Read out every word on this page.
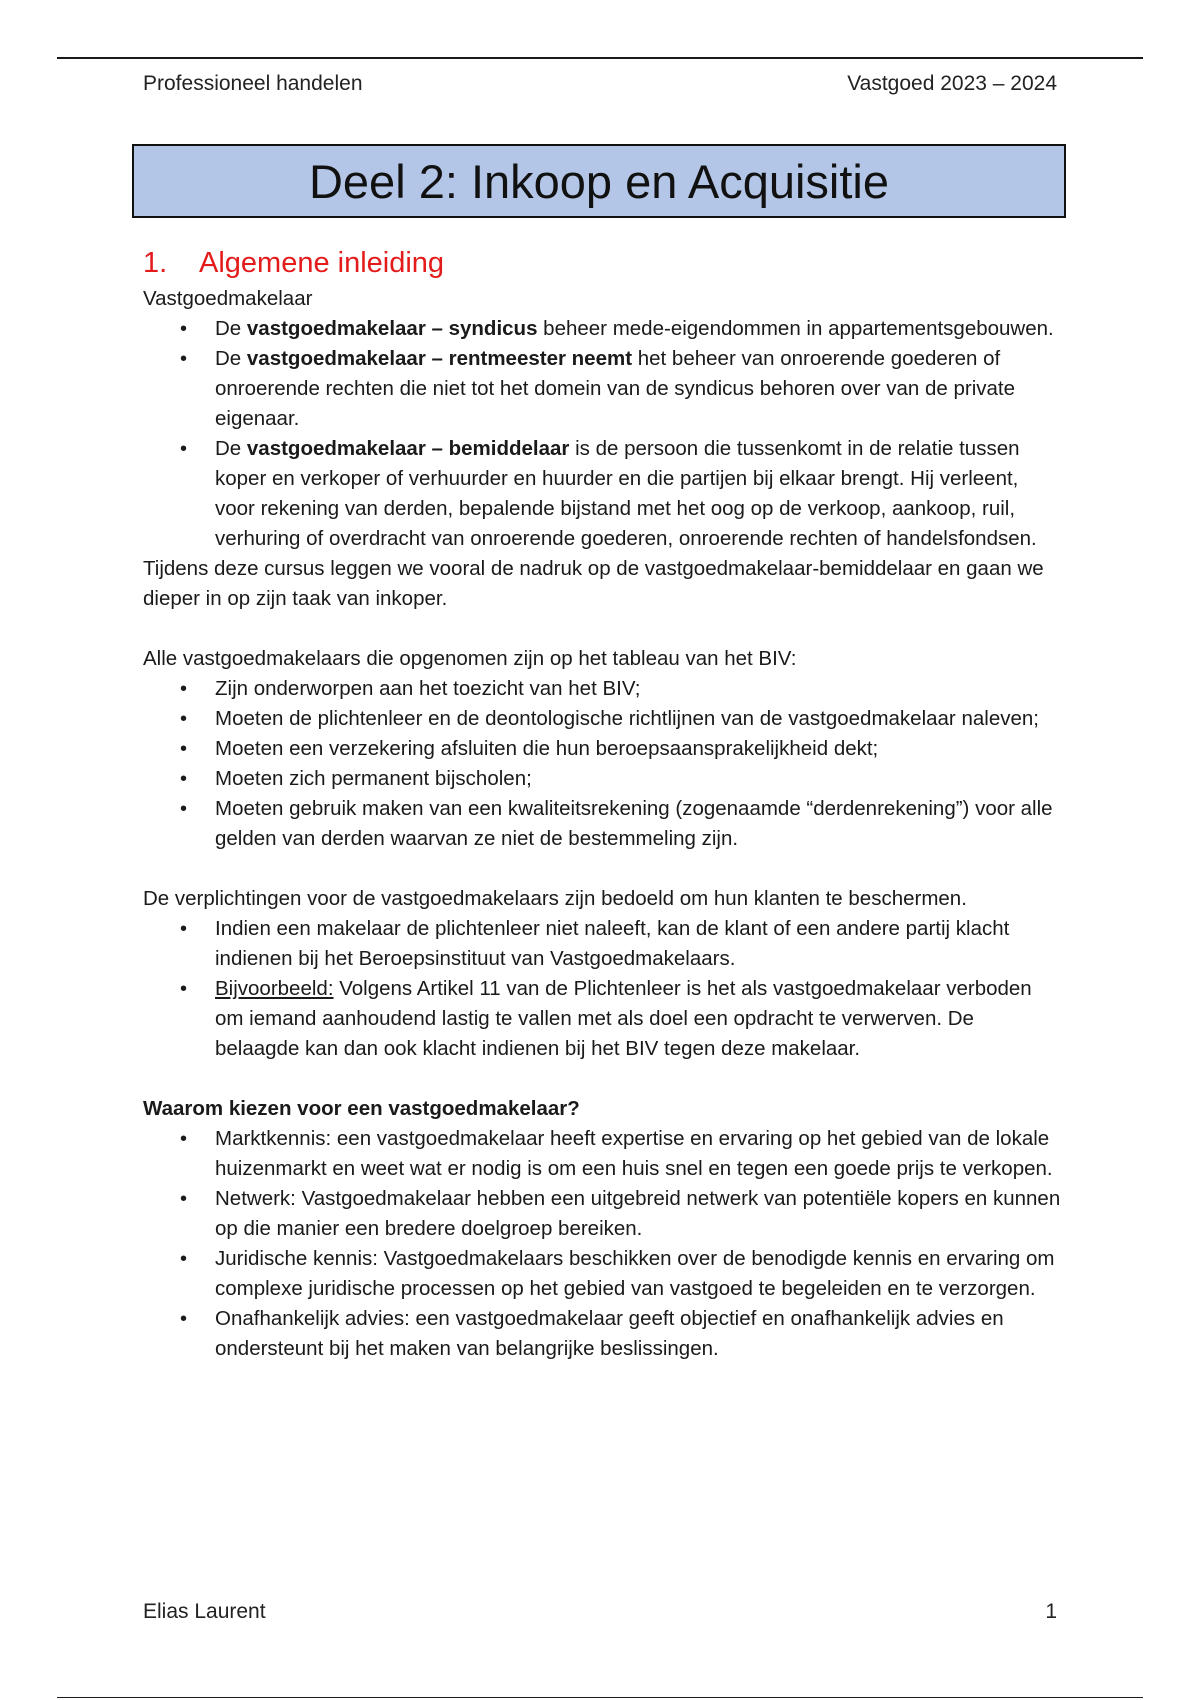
Professioneel handelen	Vastgoed 2023 – 2024
Deel 2: Inkoop en Acquisitie
1.	Algemene inleiding

Vastgoedmakelaar

• De vastgoedmakelaar – syndicus beheer mede-eigendommen in appartementsgebouwen.
• De vastgoedmakelaar – rentmeester neemt het beheer van onroerende goederen of onroerende rechten die niet tot het domein van de syndicus behoren over van de private eigenaar.
• De vastgoedmakelaar – bemiddelaar is de persoon die tussenkomt in de relatie tussen koper en verkoper of verhuurder en huurder en die partijen bij elkaar brengt. Hij verleent, voor rekening van derden, bepalende bijstand met het oog op de verkoop, aankoop, ruil, verhuring of overdracht van onroerende goederen, onroerende rechten of handelsfondsen.

Tijdens deze cursus leggen we vooral de nadruk op de vastgoedmakelaar-bemiddelaar en gaan we dieper in op zijn taak van inkoper.

Alle vastgoedmakelaars die opgenomen zijn op het tableau van het BIV:

• Zijn onderworpen aan het toezicht van het BIV;
• Moeten de plichtenleer en de deontologische richtlijnen van de vastgoedmakelaar naleven;
• Moeten een verzekering afsluiten die hun beroepsaansprakelijkheid dekt;
• Moeten zich permanent bijscholen;
• Moeten gebruik maken van een kwaliteitsrekening (zogenaamde “derdenrekening”) voor alle gelden van derden waarvan ze niet de bestemmeling zijn.

De verplichtingen voor de vastgoedmakelaars zijn bedoeld om hun klanten te beschermen.

• Indien een makelaar de plichtenleer niet naleeft, kan de klant of een andere partij klacht indienen bij het Beroepsinstituut van Vastgoedmakelaars.
• Bijvoorbeeld: Volgens Artikel 11 van de Plichtenleer is het als vastgoedmakelaar verboden om iemand aanhoudend lastig te vallen met als doel een opdracht te verwerven. De belaagde kan dan ook klacht indienen bij het BIV tegen deze makelaar.

Waarom kiezen voor een vastgoedmakelaar?

• Marktkennis: een vastgoedmakelaar heeft expertise en ervaring op het gebied van de lokale huizenmarkt en weet wat er nodig is om een huis snel en tegen een goede prijs te verkopen.
• Netwerk: Vastgoedmakelaar hebben een uitgebreid netwerk van potentiële kopers en kunnen op die manier een bredere doelgroep bereiken.
• Juridische kennis: Vastgoedmakelaars beschikken over de benodigde kennis en ervaring om complexe juridische processen op het gebied van vastgoed te begeleiden en te verzorgen.
• Onafhankelijk advies: een vastgoedmakelaar geeft objectief en onafhankelijk advies en ondersteunt bij het maken van belangrijke beslissingen.
Elias Laurent	1
